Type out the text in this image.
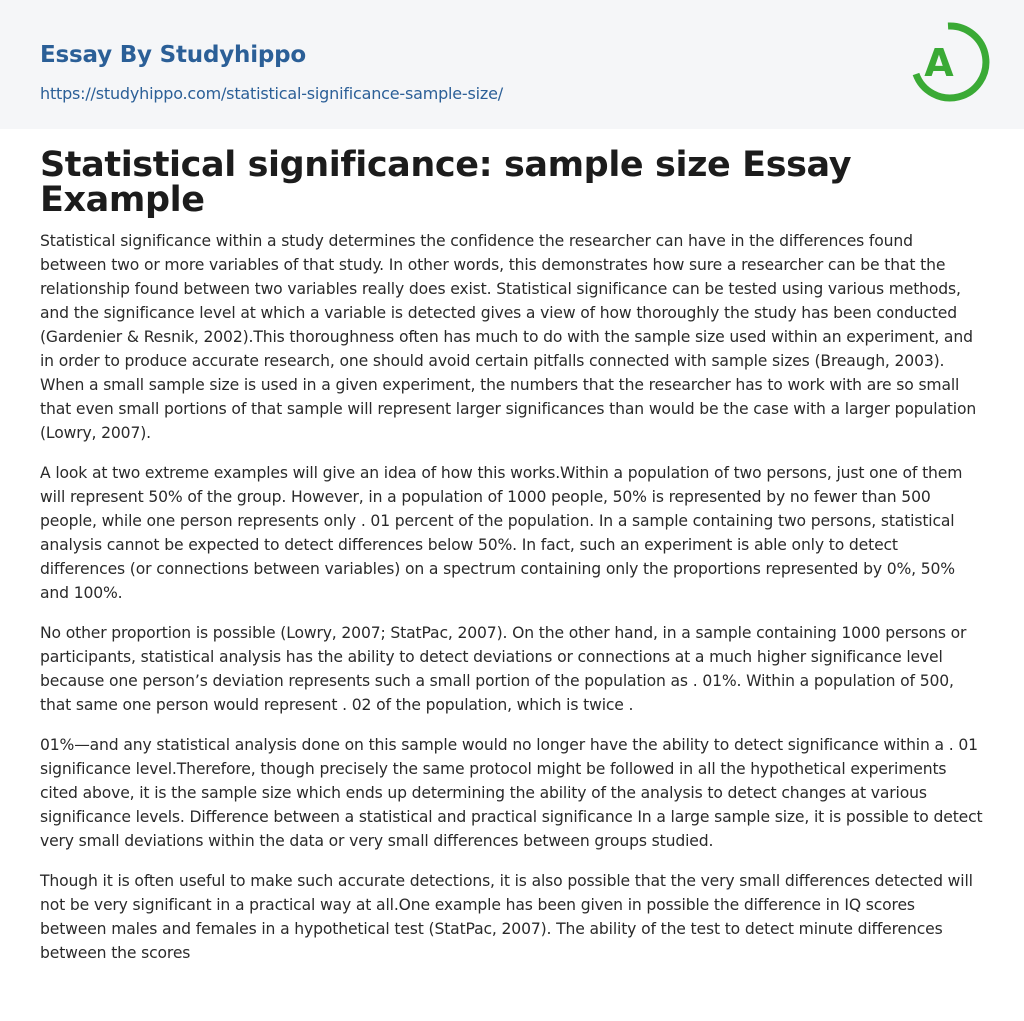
Essay By Studyhippo
https://studyhippo.com/statistical-significance-sample-size/
A
Statistical significance: sample size Essay Example

Statistical significance within a study determines the confidence the researcher can have in the differences found between two or more variables of that study. In other words, this demonstrates how sure a researcher can be that the relationship found between two variables really does exist. Statistical significance can be tested using various methods, and the significance level at which a variable is detected gives a view of how thoroughly the study has been conducted (Gardenier & Resnik, 2002).This thoroughness often has much to do with the sample size used within an experiment, and in order to produce accurate research, one should avoid certain pitfalls connected with sample sizes (Breaugh, 2003). When a small sample size is used in a given experiment, the numbers that the researcher has to work with are so small that even small portions of that sample will represent larger significances than would be the case with a larger population (Lowry, 2007).

A look at two extreme examples will give an idea of how this works.Within a population of two persons, just one of them will represent 50% of the group. However, in a population of 1000 people, 50% is represented by no fewer than 500 people, while one person represents only . 01 percent of the population. In a sample containing two persons, statistical analysis cannot be expected to detect differences below 50%. In fact, such an experiment is able only to detect differences (or connections between variables) on a spectrum containing only the proportions represented by 0%, 50% and 100%.

No other proportion is possible (Lowry, 2007; StatPac, 2007). On the other hand, in a sample containing 1000 persons or participants, statistical analysis has the ability to detect deviations or connections at a much higher significance level because one person’s deviation represents such a small portion of the population as . 01%. Within a population of 500, that same one person would represent . 02 of the population, which is twice .

01%—and any statistical analysis done on this sample would no longer have the ability to detect significance within a . 01 significance level.Therefore, though precisely the same protocol might be followed in all the hypothetical experiments cited above, it is the sample size which ends up determining the ability of the analysis to detect changes at various significance levels. Difference between a statistical and practical significance In a large sample size, it is possible to detect very small deviations within the data or very small differences between groups studied.

Though it is often useful to make such accurate detections, it is also possible that the very small differences detected will not be very significant in a practical way at all.One example has been given in possible the difference in IQ scores between males and females in a hypothetical test (StatPac, 2007). The ability of the test to detect minute differences between the scores
